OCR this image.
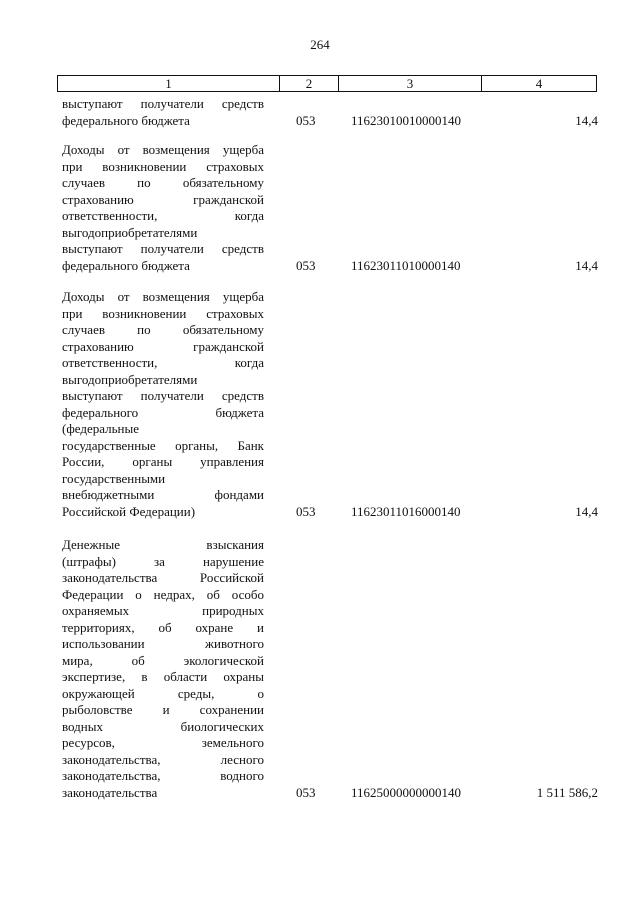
264
1	2	3	4
выступают получатели средств
федерального бюджета	053	11623010010000140	14,4
Доходы от возмещения ущерба
при возникновении страховых
случаев по обязательному
страхованию гражданской
ответственности, когда
выгодоприобретателями
выступают получатели средств
федерального бюджета	053	11623011010000140	14,4
Доходы от возмещения ущерба
при возникновении страховых
случаев по обязательному
страхованию гражданской
ответственности, когда
выгодоприобретателями
выступают получатели средств
федерального бюджета
(федеральные
государственные органы, Банк
России, органы управления
государственными
внебюджетными фондами
Российской Федерации)	053	11623011016000140	14,4
Денежные взыскания
(штрафы) за нарушение
законодательства Российской
Федерации о недрах, об особо
охраняемых природных
территориях, об охране и
использовании животного
мира, об экологической
экспертизе, в области охраны
окружающей среды, о
рыболовстве и сохранении
водных биологических
ресурсов, земельного
законодательства, лесного
законодательства, водного
законодательства	053	11625000000000140	1 511 586,2
